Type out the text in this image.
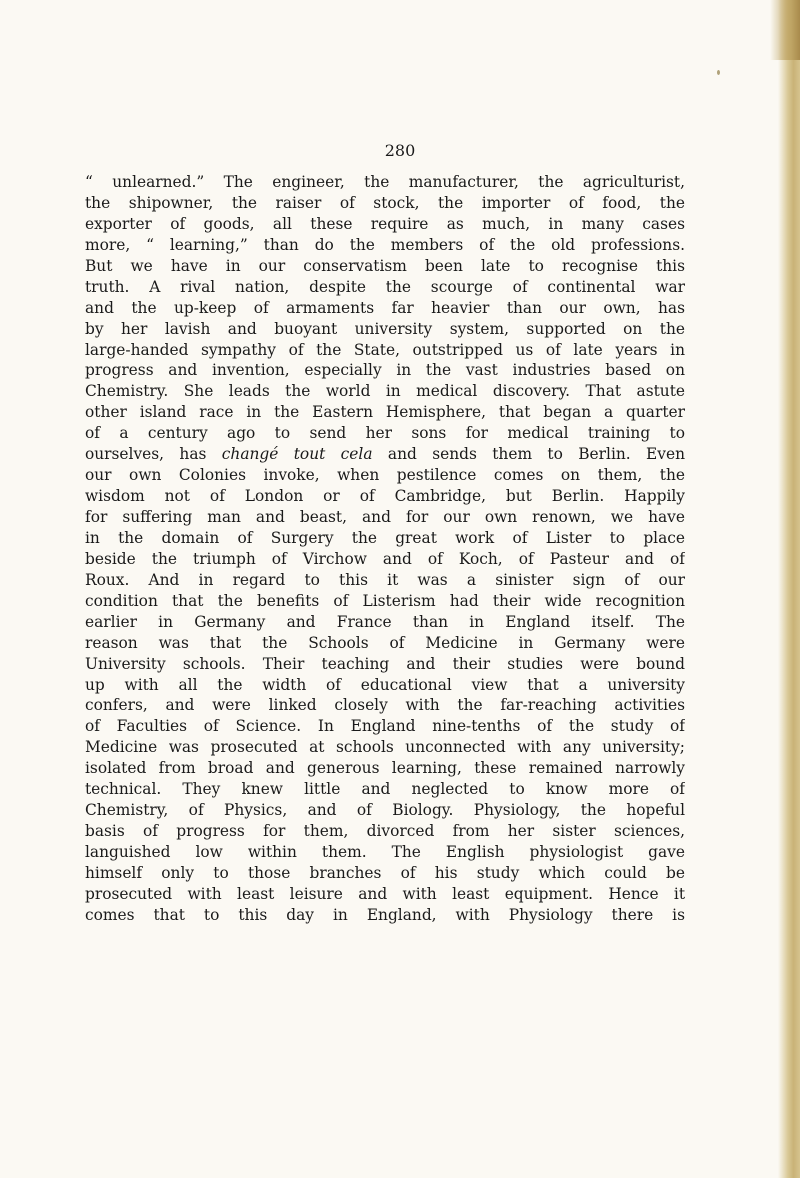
280

“ unlearned.” The engineer, the manufacturer, the agriculturist,
the shipowner, the raiser of stock, the importer of food, the
exporter of goods, all these require as much, in many cases
more, “ learning,” than do the members of the old professions.
But we have in our conservatism been late to recognise this
truth. A rival nation, despite the scourge of continental war
and the up-keep of armaments far heavier than our own, has
by her lavish and buoyant university system, supported on the
large-handed sympathy of the State, outstripped us of late years in
progress and invention, especially in the vast industries based on
Chemistry. She leads the world in medical discovery. That astute
other island race in the Eastern Hemisphere, that began a quarter
of a century ago to send her sons for medical training to
ourselves, has changé tout cela and sends them to Berlin. Even
our own Colonies invoke, when pestilence comes on them, the
wisdom not of London or of Cambridge, but Berlin. Happily
for suffering man and beast, and for our own renown, we have
in the domain of Surgery the great work of Lister to place
beside the triumph of Virchow and of Koch, of Pasteur and of
Roux. And in regard to this it was a sinister sign of our
condition that the benefits of Listerism had their wide recognition
earlier in Germany and France than in England itself. The
reason was that the Schools of Medicine in Germany were
University schools. Their teaching and their studies were bound
up with all the width of educational view that a university
confers, and were linked closely with the far-reaching activities
of Faculties of Science. In England nine-tenths of the study of
Medicine was prosecuted at schools unconnected with any university;
isolated from broad and generous learning, these remained narrowly
technical. They knew little and neglected to know more of
Chemistry, of Physics, and of Biology. Physiology, the hopeful
basis of progress for them, divorced from her sister sciences,
languished low within them. The English physiologist gave
himself only to those branches of his study which could be
prosecuted with least leisure and with least equipment. Hence it
comes that to this day in England, with Physiology there is
